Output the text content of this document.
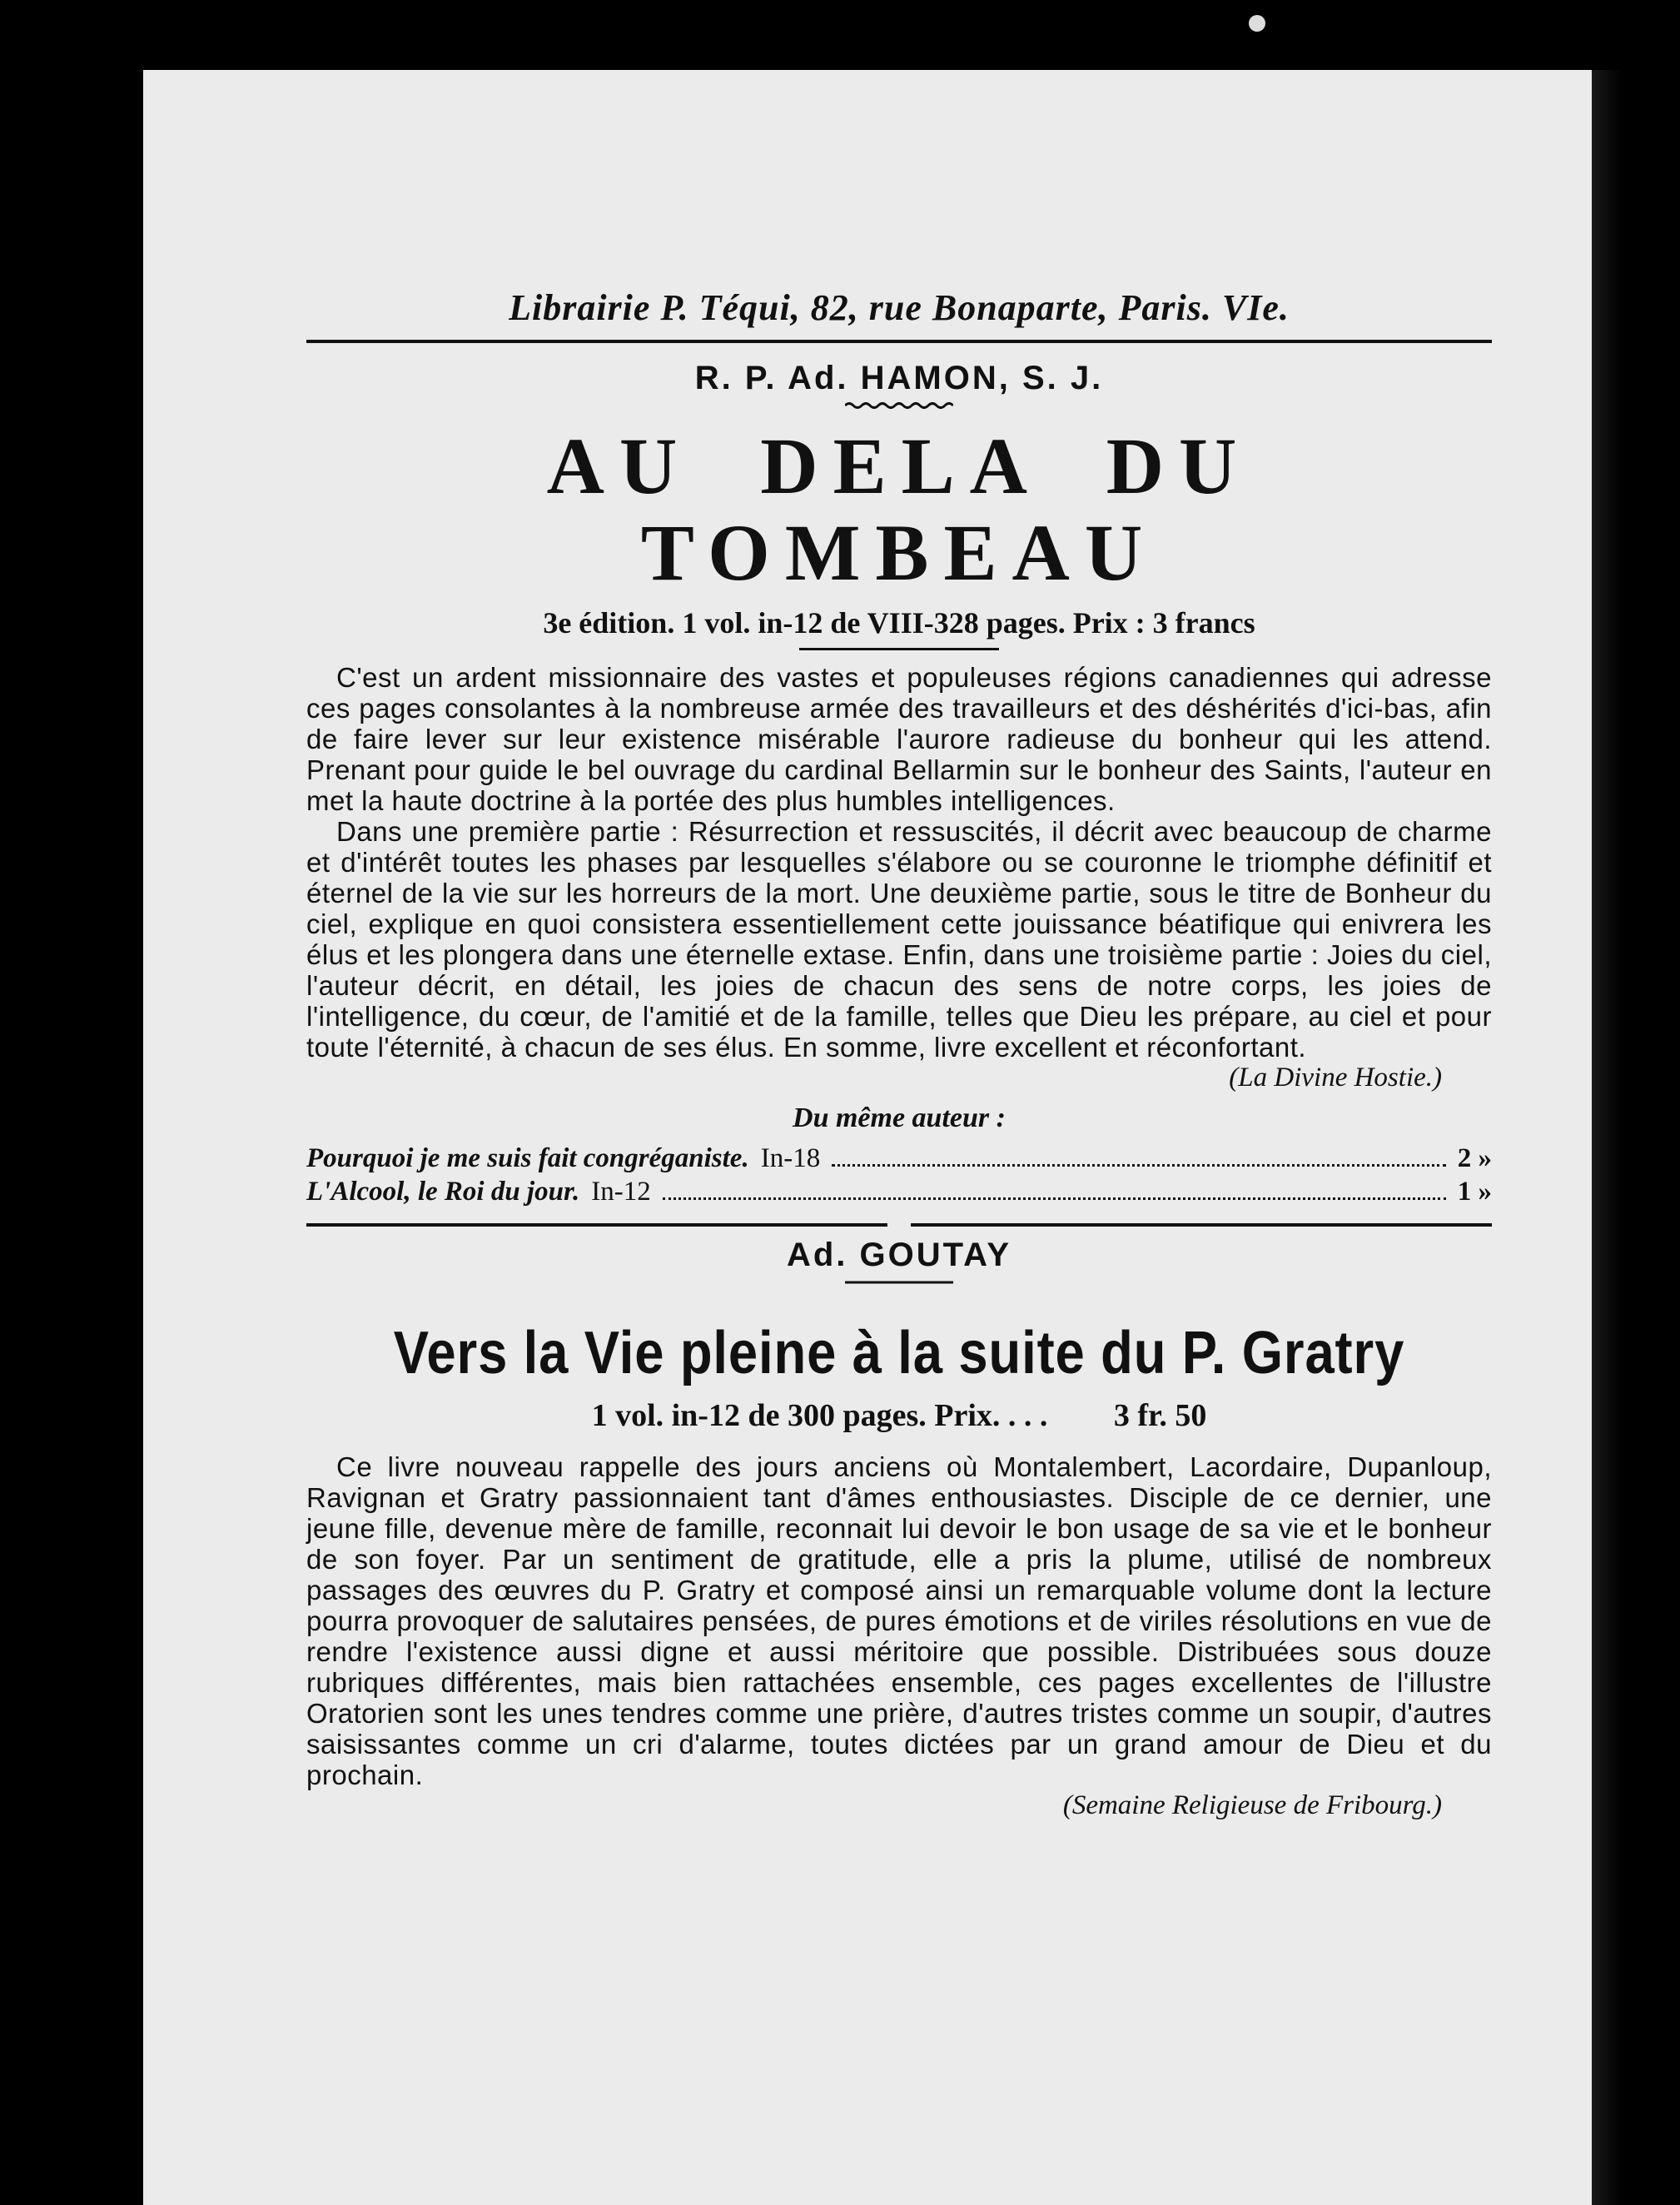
Librairie P. Téqui, 82, rue Bonaparte, Paris. VIe.

R. P. Ad. HAMON, S. J.

AU DELA DU TOMBEAU

3e édition. 1 vol. in-12 de VIII-328 pages. Prix : 3 francs

C'est un ardent missionnaire des vastes et populeuses régions canadiennes qui adresse ces pages consolantes à la nombreuse armée des travailleurs et des déshérités d'ici-bas, afin de faire lever sur leur existence misérable l'aurore radieuse du bonheur qui les attend. Prenant pour guide le bel ouvrage du cardinal Bellarmin sur le bonheur des Saints, l'auteur en met la haute doctrine à la portée des plus humbles intelligences.

Dans une première partie : Résurrection et ressuscités, il décrit avec beaucoup de charme et d'intérêt toutes les phases par lesquelles s'élabore ou se couronne le triomphe définitif et éternel de la vie sur les horreurs de la mort. Une deuxième partie, sous le titre de Bonheur du ciel, explique en quoi consistera essentiellement cette jouissance béatifique qui enivrera les élus et les plongera dans une éternelle extase. Enfin, dans une troisième partie : Joies du ciel, l'auteur décrit, en détail, les joies de chacun des sens de notre corps, les joies de l'intelligence, du cœur, de l'amitié et de la famille, telles que Dieu les prépare, au ciel et pour toute l'éternité, à chacun de ses élus. En somme, livre excellent et réconfortant.

(La Divine Hostie.)

Du même auteur :

Pourquoi je me suis fait congréganiste. In-18	2 »
L'Alcool, le Roi du jour. In-12	1 »

Ad. GOUTAY

Vers la Vie pleine à la suite du P. Gratry

1 vol. in-12 de 300 pages. Prix. . . . 3 fr. 50

Ce livre nouveau rappelle des jours anciens où Montalembert, Lacordaire, Dupanloup, Ravignan et Gratry passionnaient tant d'âmes enthousiastes. Disciple de ce dernier, une jeune fille, devenue mère de famille, reconnait lui devoir le bon usage de sa vie et le bonheur de son foyer. Par un sentiment de gratitude, elle a pris la plume, utilisé de nombreux passages des œuvres du P. Gratry et composé ainsi un remarquable volume dont la lecture pourra provoquer de salutaires pensées, de pures émotions et de viriles résolutions en vue de rendre l'existence aussi digne et aussi méritoire que possible. Distribuées sous douze rubriques différentes, mais bien rattachées ensemble, ces pages excellentes de l'illustre Oratorien sont les unes tendres comme une prière, d'autres tristes comme un soupir, d'autres saisissantes comme un cri d'alarme, toutes dictées par un grand amour de Dieu et du prochain.

(Semaine Religieuse de Fribourg.)
